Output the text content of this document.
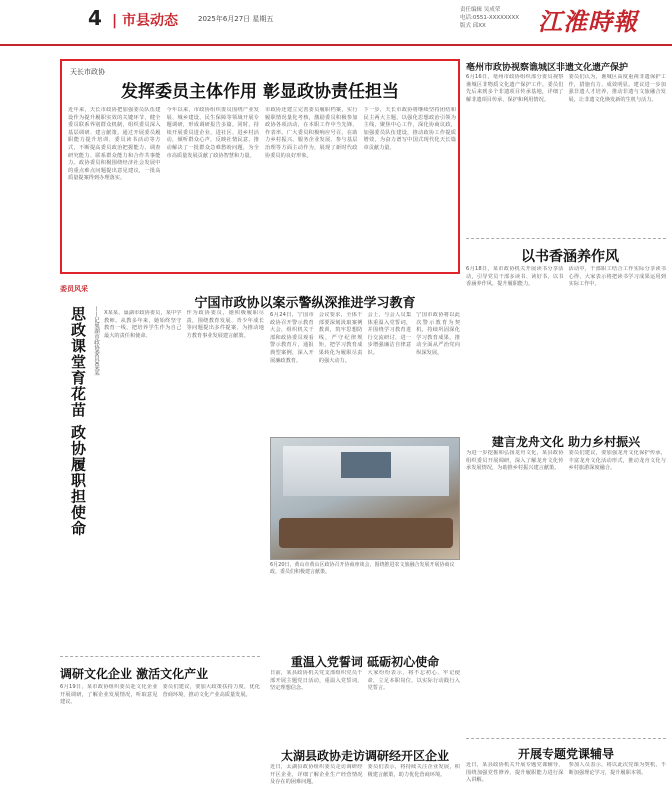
4 | 市县动态	2025年6月27日 星期五
责任编辑 吴成荣
电话:0551-XXXXXXXX
版式 邱XX	江淮時報
天长市政协
发挥委员主体作用 彰显政协责任担当
近年来，天长市政协把加强委员队伍建设作为提升履职实效的关键环节，健全委员联系界别群众机制，组织委员深入基层调研、建言献策。通过开展委员履职能力提升培训、委员读书活动等方式，不断提高委员政治把握能力、调查研究能力、联系群众能力和合作共事能力。政协委员积极围绕经济社会发展中的重点难点问题提出意见建议，一批高质量提案得到办理落实。
今年以来，市政协组织委员围绕产业发展、城乡建设、民生保障等领域开展专题调研，形成调研报告多篇。同时，持续开展委员进企业、进社区、进乡村活动，倾听群众心声，反映社情民意，推动解决了一批群众急难愁盼问题，为全市高质量发展贡献了政协智慧和力量。
市政协还建立完善委员履职档案，实行履职情况量化考核，激励委员积极参加政协各项活动，在本职工作中当先锋、作表率。广大委员积极响应号召，在助力乡村振兴、服务企业发展、参与基层治理等方面主动作为，展现了新时代政协委员的良好形象。
下一步，天长市政协将继续坚持团结和民主两大主题，以强化思想政治引领为主线，聚焦中心工作，深化协商议政，加强委员队伍建设，推动政协工作提质增效，为奋力谱写中国式现代化天长篇章贡献力量。
亳州市政协视察谯城区非遗文化遗产保护
6月16日，亳州市政协组织部分委员视察谯城区非物质文化遗产保护工作。委员们先后来到多个非遗项目传承基地，详细了解非遗项目传承、保护和利用情况。
委员们认为，谯城区高度重视非遗保护工作，措施有力、成效明显。建议进一步加强非遗人才培养，推动非遗与文旅融合发展，让非遗文化焕发新的生机与活力。
以书香涵养作风
6月18日，某市政协机关开展读书分享活动，引导党员干部多读书、读好书，以书香涵养作风，提升履职能力。
活动中，干部职工结合工作实际分享读书心得，大家表示将把读书学习成果运用到实际工作中。
委员风采
宁国市政协以案示警纵深推进学习教育
思政课堂育花苗 政协履职担使命	——记巢湖市政协委员X某某 X某某，巢湖市政协委员，某中学教师。从教多年来，她始终坚守教育一线，把培养学生作为自己最大的责任和使命。
作为政协委员，她积极履职尽责，围绕教育发展、青少年成长等问题提出多件提案，为推动地方教育事业发展建言献策。
6月24日，宁国市政协召开警示教育大会，组织机关干部和政协委员观看警示教育片，通报典型案例，深入开展廉政教育。
会议要求，全体干部要深刻汲取案例教训，筑牢思想防线，严守纪律规矩，把学习教育成果转化为履职尽责的强大动力。
会上，与会人员集体重温入党誓词，并围绕学习教育进行交流研讨，进一步增强廉洁自律意识。
宁国市政协将以此次警示教育为契机，持续巩固深化学习教育成果，推动全面从严治党向纵深发展。
6月20日，黄山市黄山区政协召开协商座谈会，围绕推进农文旅融合发展开展协商议政，委员们积极建言献策。
建言龙舟文化 助力乡村振兴
为进一步挖掘和弘扬龙舟文化，某县政协组织委员开展调研，深入了解龙舟文化传承发展情况，为助推乡村振兴建言献策。
委员们建议，要加强龙舟文化保护传承，丰富龙舟文化活动形式，推动龙舟文化与乡村旅游深度融合。
重温入党誓词 砥砺初心使命
日前，某县政协机关党支部组织党员干部开展主题党日活动，重温入党誓词，坚定理想信念。
大家纷纷表示，将不忘初心、牢记使命，立足本职岗位，以实际行动践行入党誓言。
调研文化企业 激活文化产业
6月19日，某市政协组织委员赴文化企业开展调研，了解企业发展情况，听取意见建议。
委员们建议，要加大政策扶持力度，优化营商环境，推动文化产业高质量发展。
太湖县政协走访调研经开区企业
近日，太湖县政协组织委员走访调研经开区企业，详细了解企业生产经营情况及存在的困难问题。
委员们表示，将持续关注企业发展，积极建言献策，助力优化营商环境。
开展专题党课辅导
近日，某县政协机关开展专题党课辅导，围绕加强党性修养、提升履职能力进行深入讲解。
参加人员表示，将以此次党课为契机，不断加强理论学习，提升履职本领。
